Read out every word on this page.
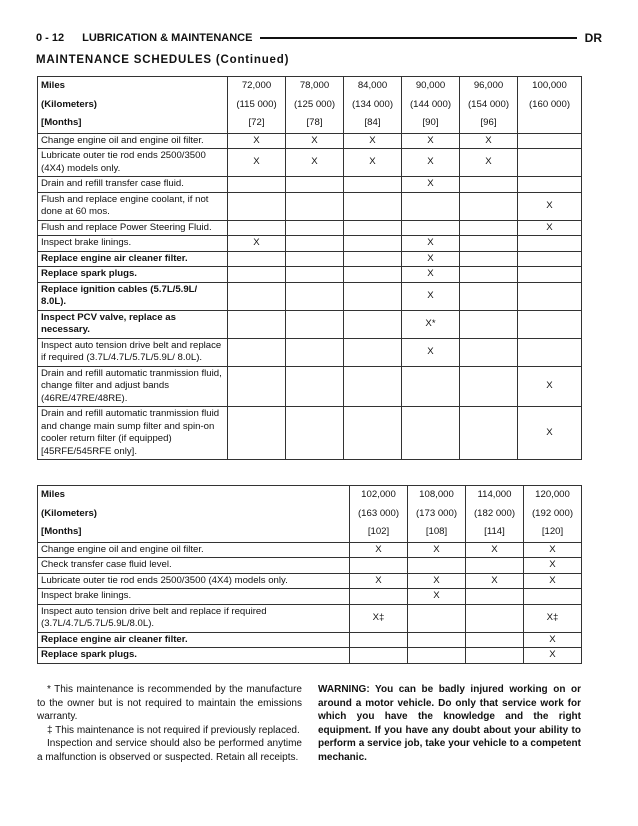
0 - 12 LUBRICATION & MAINTENANCE	DR
MAINTENANCE SCHEDULES (Continued)
Miles	72,000	78,000	84,000	90,000	96,000	100,000
(Kilometers)	(115 000)	(125 000)	(134 000)	(144 000)	(154 000)	(160 000)
[Months]	[72]	[78]	[84]	[90]	[96]	
Change engine oil and engine oil filter.	X	X	X	X	X	
Lubricate outer tie rod ends 2500/3500 (4X4) models only.	X	X	X	X	X	
Drain and refill transfer case fluid.				X		
Flush and replace engine coolant, if not done at 60 mos.						X
Flush and replace Power Steering Fluid.						X
Inspect brake linings.	X			X		
Replace engine air cleaner filter.				X		
Replace spark plugs.				X		
Replace ignition cables (5.7L/5.9L/ 8.0L).				X		
Inspect PCV valve, replace as necessary.				X*		
Inspect auto tension drive belt and replace if required (3.7L/4.7L/5.7L/5.9L/ 8.0L).				X		
Drain and refill automatic tranmission fluid, change filter and adjust bands (46RE/47RE/48RE).						X
Drain and refill automatic tranmission fluid and change main sump filter and spin-on cooler return filter (if equipped) [45RFE/545RFE only].						X
Miles	102,000	108,000	114,000	120,000
(Kilometers)	(163 000)	(173 000)	(182 000)	(192 000)
[Months]	[102]	[108]	[114]	[120]
Change engine oil and engine oil filter.	X	X	X	X
Check transfer case fluid level.				X
Lubricate outer tie rod ends 2500/3500 (4X4) models only.	X	X	X	X
Inspect brake linings.		X		
Inspect auto tension drive belt and replace if required (3.7L/4.7L/5.7L/5.9L/8.0L).	X‡			X‡
Replace engine air cleaner filter.				X
Replace spark plugs.				X

* This maintenance is recommended by the manufacture to the owner but is not required to maintain the emissions warranty.

‡ This maintenance is not required if previously replaced.

Inspection and service should also be performed anytime a malfunction is observed or suspected. Retain all receipts.

WARNING: You can be badly injured working on or around a motor vehicle. Do only that service work for which you have the knowledge and the right equipment. If you have any doubt about your ability to perform a service job, take your vehicle to a competent mechanic.
